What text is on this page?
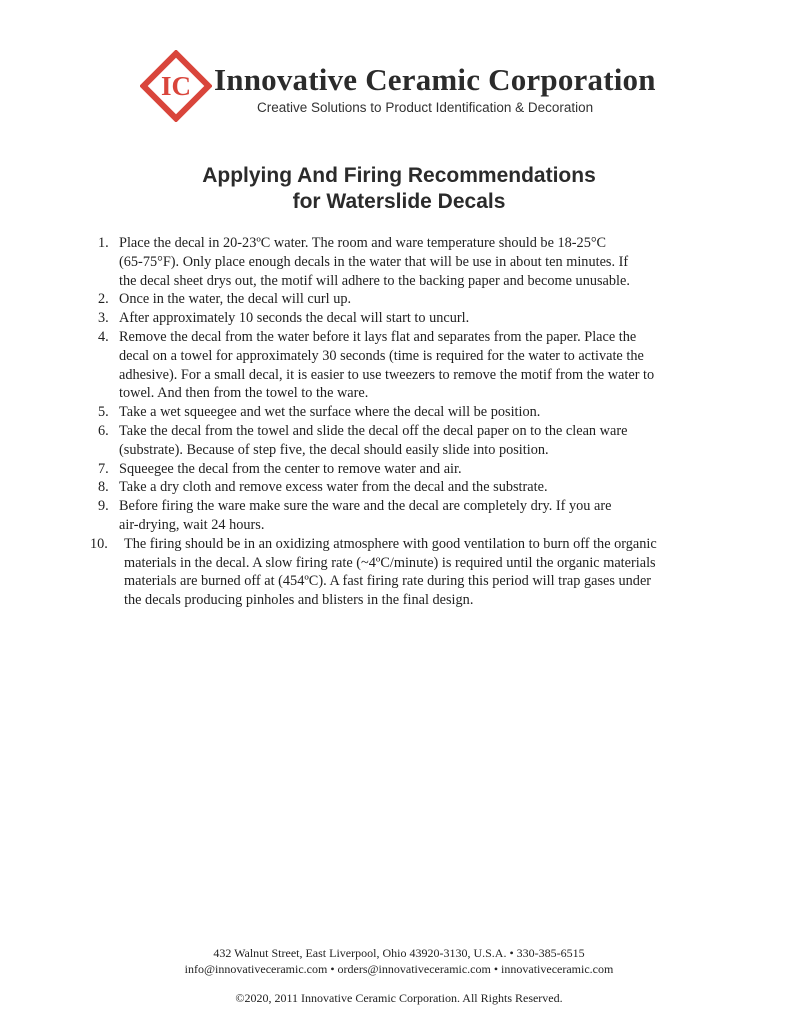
IC Innovative Ceramic Corporation
Creative Solutions to Product Identification & Decoration
Applying And Firing Recommendations
for Waterslide Decals
1. Place the decal in 20-23ºC water. The room and ware temperature should be 18-25°C
(65-75°F). Only place enough decals in the water that will be use in about ten minutes. If
the decal sheet drys out, the motif will adhere to the backing paper and become unusable.
2. Once in the water, the decal will curl up.
3. After approximately 10 seconds the decal will start to uncurl.
4. Remove the decal from the water before it lays flat and separates from the paper. Place the
decal on a towel for approximately 30 seconds (time is required for the water to activate the
adhesive). For a small decal, it is easier to use tweezers to remove the motif from the water to
towel. And then from the towel to the ware.
5. Take a wet squeegee and wet the surface where the decal will be position.
6. Take the decal from the towel and slide the decal off the decal paper on to the clean ware
(substrate). Because of step five, the decal should easily slide into position.
7. Squeegee the decal from the center to remove water and air.
8. Take a dry cloth and remove excess water from the decal and the substrate.
9. Before firing the ware make sure the ware and the decal are completely dry. If you are
air-drying, wait 24 hours.
10. The firing should be in an oxidizing atmosphere with good ventilation to burn off the organic
materials in the decal. A slow firing rate (~4ºC/minute) is required until the organic materials
materials are burned off at (454ºC). A fast firing rate during this period will trap gases under
the decals producing pinholes and blisters in the final design.
432 Walnut Street, East Liverpool, Ohio 43920-3130, U.S.A. • 330-385-6515
info@innovativeceramic.com • orders@innovativeceramic.com • innovativeceramic.com
©2020, 2011 Innovative Ceramic Corporation. All Rights Reserved.
